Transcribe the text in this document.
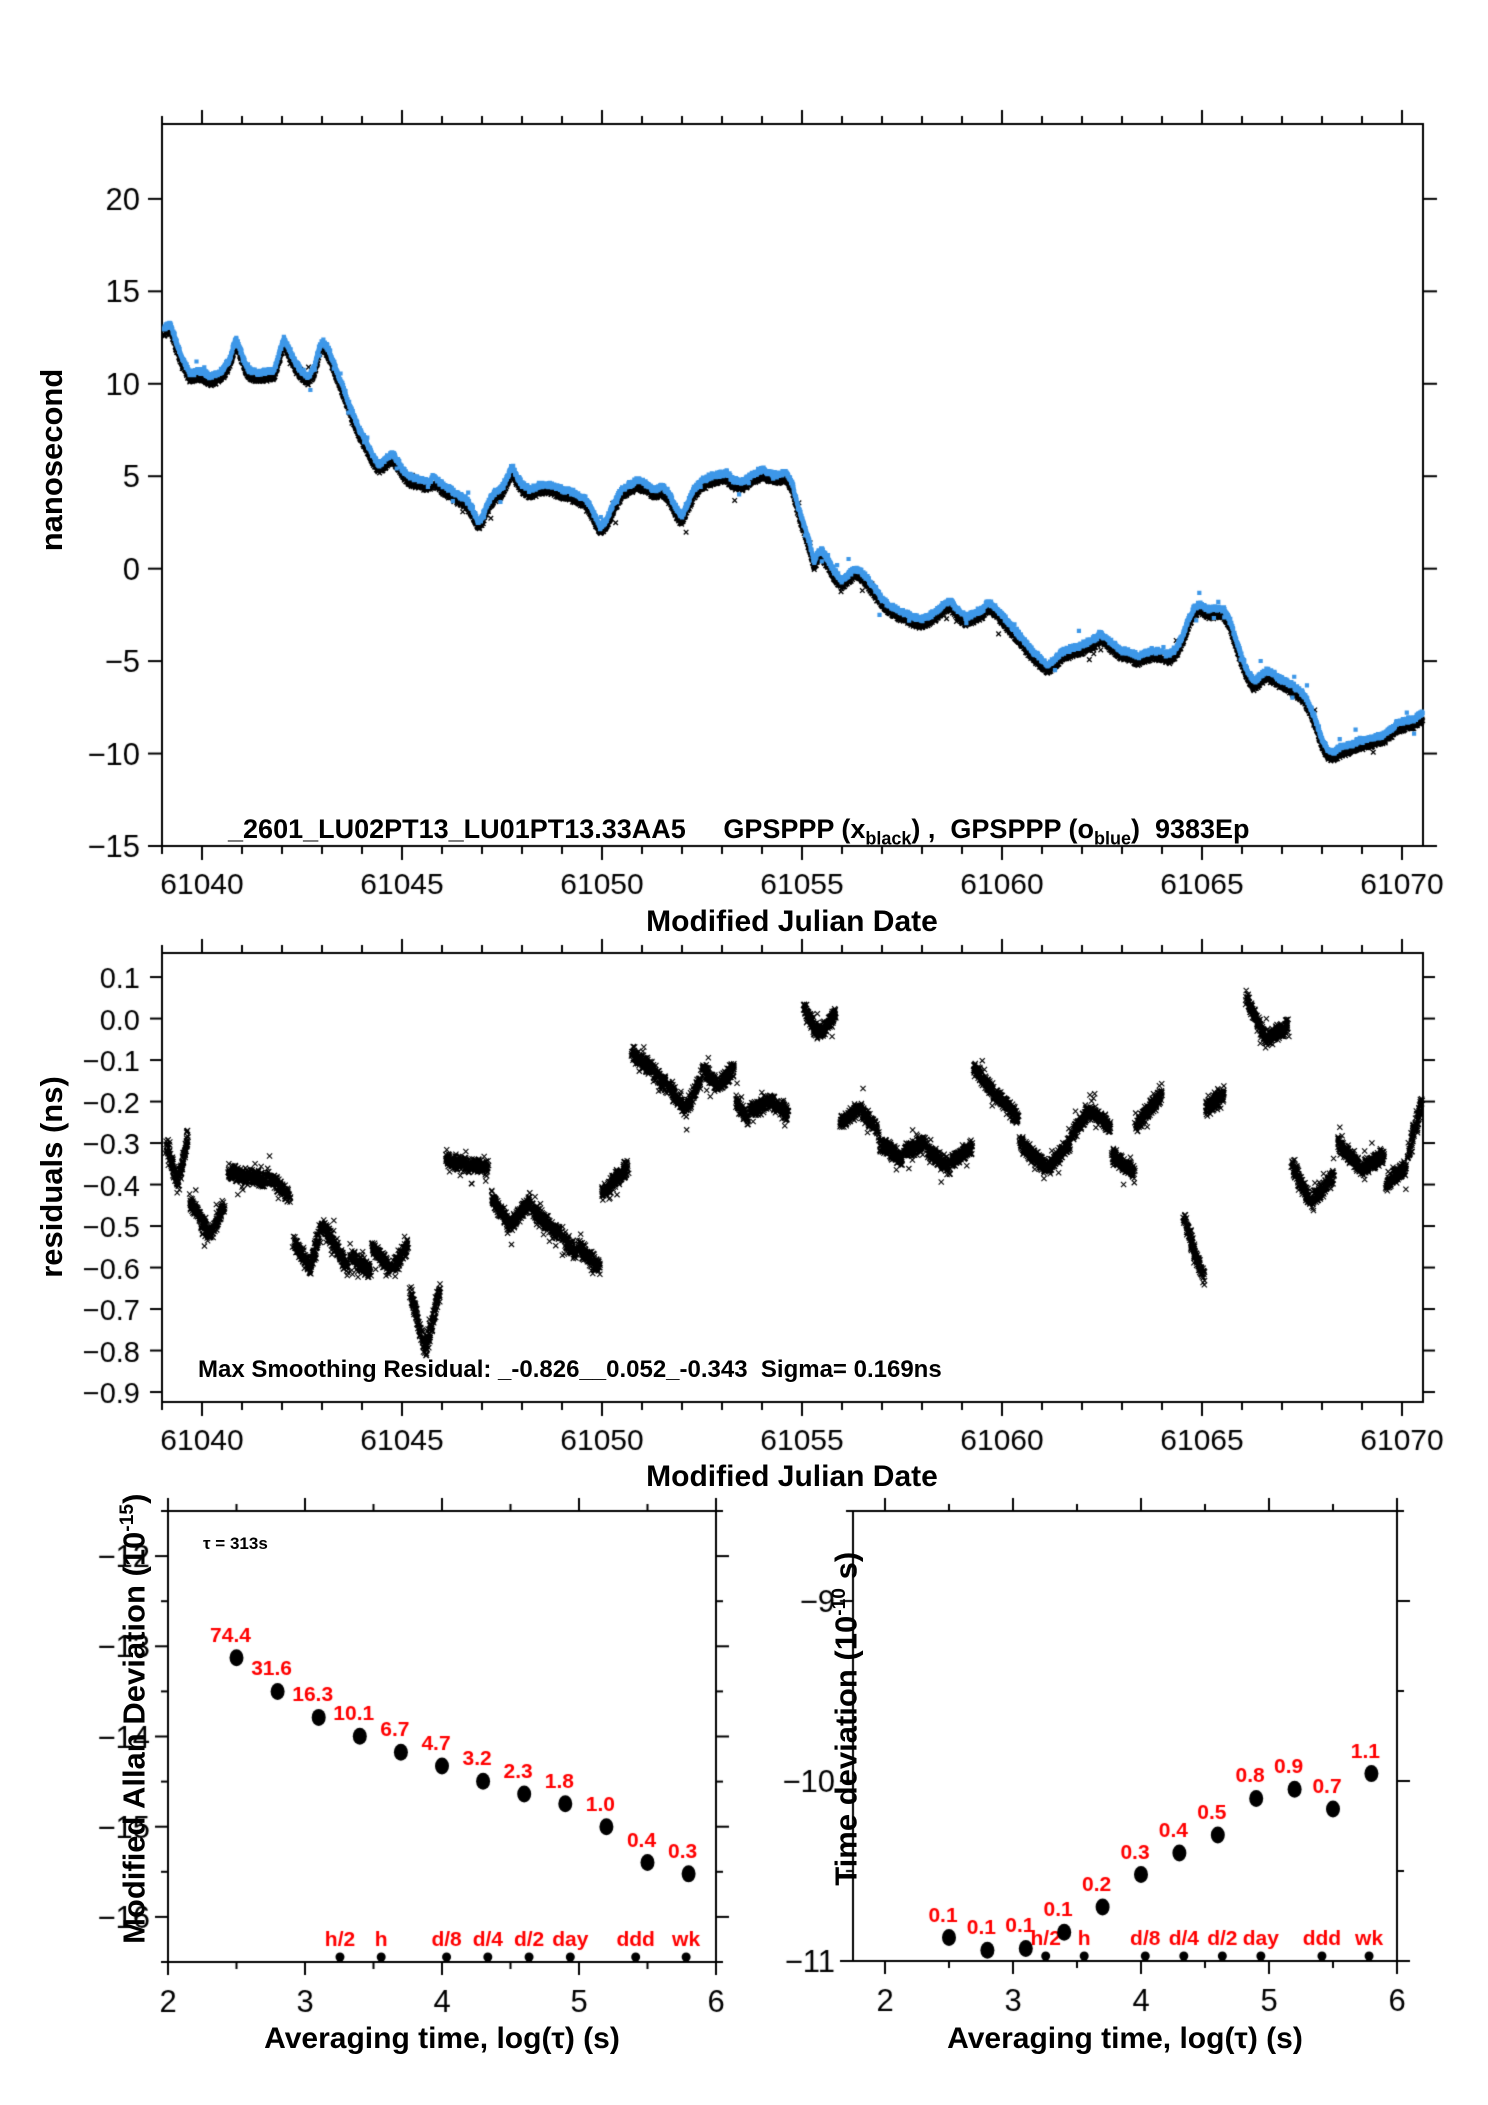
nanosecond

_2601_LU02PT13_LU01PT13.33AA5 GPSPPP $(x_{black})$ ,  GPSPPP $(o_{blue})$  9383Ep

Modified Julian Date
residuals (ns)
Max Smoothing Residual: _-0.826__0.052_-0.343  Sigma= 0.169ns
Modified Julian Date

Modified Allan Deviation $(10^{-15})$

τ = 313s
Averaging time, log(τ) (s)

Time deviation ($10^{-10}$ s)

Averaging time, log(τ) (s)
